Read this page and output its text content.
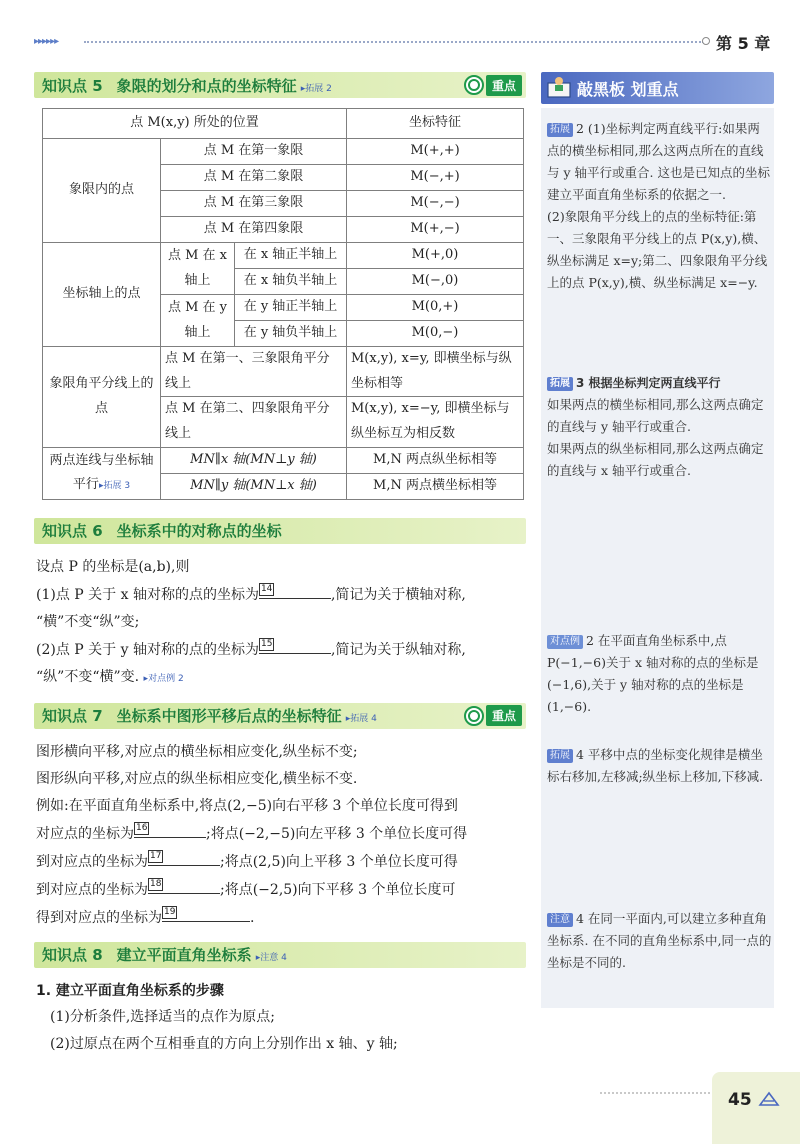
▸▸▸▸▸▸	第 5 章
知识点 5 象限的划分和点的坐标特征 ▸拓展 2	重点
点 M(x,y) 所处的位置			坐标特征
象限内的点	点 M 在第一象限		M(+,+)
	点 M 在第二象限		M(−,+)
	点 M 在第三象限		M(−,−)
	点 M 在第四象限		M(+,−)
坐标轴上的点	点 M 在 x 轴上	在 x 轴正半轴上	M(+,0)
		在 x 轴负半轴上	M(−,0)
	点 M 在 y 轴上	在 y 轴正半轴上	M(0,+)
		在 y 轴负半轴上	M(0,−)
象限角平分线上的点	点 M 在第一、三象限角平分线上		M(x,y), x=y, 即横坐标与纵坐标相等
	点 M 在第二、四象限角平分线上		M(x,y), x=−y, 即横坐标与纵坐标互为相反数
两点连线与坐标轴平行▸拓展 3	MN∥x 轴(MN⊥y 轴)		M,N 两点纵坐标相等
	MN∥y 轴(MN⊥x 轴)		M,N 两点横坐标相等
知识点 6 坐标系中的对称点的坐标
设点 P 的坐标是(a,b),则
(1)点 P 关于 x 轴对称的点的坐标为 14	,简记为关于横轴对称,
“横”不变“纵”变;
(2)点 P 关于 y 轴对称的点的坐标为 15	,简记为关于纵轴对称,
“纵”不变“横”变. ▸对点例 2
知识点 7 坐标系中图形平移后点的坐标特征 ▸拓展 4	重点
图形横向平移,对应点的横坐标相应变化,纵坐标不变;
图形纵向平移,对应点的纵坐标相应变化,横坐标不变.
例如:在平面直角坐标系中,将点(2,−5)向右平移 3 个单位长度可得到
对应点的坐标为 16	;将点(−2,−5)向左平移 3 个单位长度可得
到对应点的坐标为 17	;将点(2,5)向上平移 3 个单位长度可得
到对应点的坐标为 18	;将点(−2,5)向下平移 3 个单位长度可
得到对应点的坐标为 19	.
知识点 8 建立平面直角坐标系 ▸注意 4
1. 建立平面直角坐标系的步骤
(1)分析条件,选择适当的点作为原点;
(2)过原点在两个互相垂直的方向上分别作出 x 轴、y 轴;
敲黑板 划重点
拓展 2 (1)坐标判定两直线平行:如果两点的横坐标相同,那么这两点所在的直线与 y 轴平行或重合. 这也是已知点的坐标建立平面直角坐标系的依据之一.
(2)象限角平分线上的点的坐标特征:第一、三象限角平分线上的点 P(x,y),横、纵坐标满足 x=y;第二、四象限角平分线上的点 P(x,y),横、纵坐标满足 x=−y.
拓展 3 根据坐标判定两直线平行
如果两点的横坐标相同,那么这两点确定的直线与 y 轴平行或重合.
如果两点的纵坐标相同,那么这两点确定的直线与 x 轴平行或重合.
对点例 2 在平面直角坐标系中,点 P(−1,−6)关于 x 轴对称的点的坐标是(−1,6),关于 y 轴对称的点的坐标是(1,−6).
拓展 4 平移中点的坐标变化规律是横坐标右移加,左移减;纵坐标上移加,下移减.
注意 4 在同一平面内,可以建立多种直角坐标系. 在不同的直角坐标系中,同一点的坐标是不同的.
45
